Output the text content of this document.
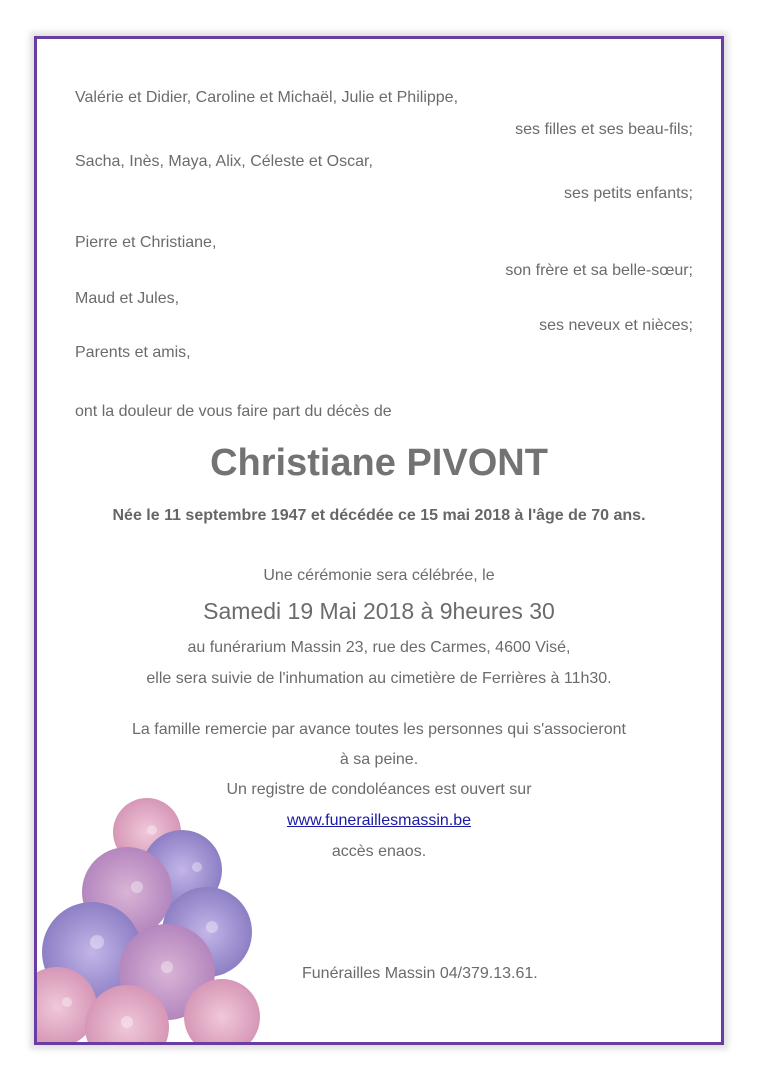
Valérie et Didier, Caroline et Michaël, Julie et Philippe,
ses filles et ses beau-fils;
Sacha, Inès, Maya, Alix, Céleste et Oscar,
ses petits enfants;
Pierre et Christiane,
son frère et sa belle-sœur;
Maud et Jules,
ses neveux et nièces;
Parents et amis,
ont la douleur de vous faire part du décès de
Christiane PIVONT
Née le 11 septembre 1947 et décédée ce 15 mai 2018 à l'âge de 70 ans.
Une cérémonie sera célébrée, le
Samedi 19 Mai 2018 à 9heures 30
au funérarium Massin 23, rue des Carmes, 4600 Visé,
elle sera suivie de l'inhumation au cimetière de Ferrières à 11h30.
La famille remercie par avance toutes les personnes qui s'associeront
à sa peine.
Un registre de condoléances est ouvert sur
www.funeraillesmassin.be
accès enaos.
Funérailles Massin 04/379.13.61.
